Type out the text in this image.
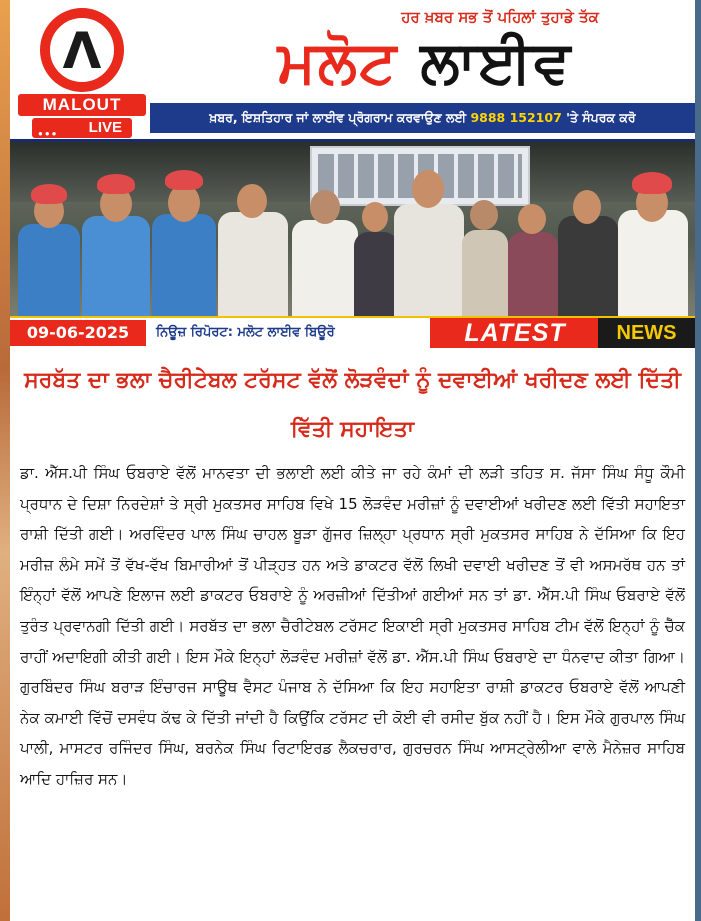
Λ
MALOUT
●●● LIVE
ਹਰ ਖ਼ਬਰ ਸਭ ਤੋਂ ਪਹਿਲਾਂ ਤੁਹਾਡੇ ਤੱਕ
ਮਲੋਟ ਲਾਈਵ
ਖ਼ਬਰ, ਇਸ਼ਤਿਹਾਰ ਜਾਂ ਲਾਈਵ ਪ੍ਰੋਗਰਾਮ ਕਰਵਾਉਣ ਲਈ 9888 152107 'ਤੇ ਸੰਪਰਕ ਕਰੋ
09-06-2025	ਨਿਊਜ਼ ਰਿਪੋਰਟ: ਮਲੋਟ ਲਾਈਵ ਬਿਊਰੋ	LATEST	NEWS
ਸਰਬੱਤ ਦਾ ਭਲਾ ਚੈਰੀਟੇਬਲ ਟਰੱਸਟ ਵੱਲੋਂ ਲੋੜਵੰਦਾਂ ਨੂੰ ਦਵਾਈਆਂ ਖਰੀਦਣ ਲਈ ਦਿੱਤੀ ਵਿੱਤੀ ਸਹਾਇਤਾ

ਡਾ. ਐੱਸ.ਪੀ ਸਿੰਘ ਓਬਰਾਏ ਵੱਲੋਂ ਮਾਨਵਤਾ ਦੀ ਭਲਾਈ ਲਈ ਕੀਤੇ ਜਾ ਰਹੇ ਕੰਮਾਂ ਦੀ ਲੜੀ ਤਹਿਤ ਸ. ਜੱਸਾ ਸਿੰਘ ਸੰਧੂ ਕੌਮੀ ਪ੍ਰਧਾਨ ਦੇ ਦਿਸ਼ਾ ਨਿਰਦੇਸ਼ਾਂ ਤੇ ਸ੍ਰੀ ਮੁਕਤਸਰ ਸਾਹਿਬ ਵਿਖੇ 15 ਲੋੜਵੰਦ ਮਰੀਜ਼ਾਂ ਨੂੰ ਦਵਾਈਆਂ ਖਰੀਦਣ ਲਈ ਵਿੱਤੀ ਸਹਾਇਤਾ ਰਾਸ਼ੀ ਦਿੱਤੀ ਗਈ। ਅਰਵਿੰਦਰ ਪਾਲ ਸਿੰਘ ਚਾਹਲ ਬੂੜਾ ਗੁੱਜਰ ਜ਼ਿਲ੍ਹਾ ਪ੍ਰਧਾਨ ਸ੍ਰੀ ਮੁਕਤਸਰ ਸਾਹਿਬ ਨੇ ਦੱਸਿਆ ਕਿ ਇਹ ਮਰੀਜ਼ ਲੰਮੇ ਸਮੇਂ ਤੋਂ ਵੱਖ-ਵੱਖ ਬਿਮਾਰੀਆਂ ਤੋਂ ਪੀੜ੍ਹਤ ਹਨ ਅਤੇ ਡਾਕਟਰ ਵੱਲੋਂ ਲਿਖੀ ਦਵਾਈ ਖਰੀਦਣ ਤੋਂ ਵੀ ਅਸਮਰੱਥ ਹਨ ਤਾਂ ਇੰਨ੍ਹਾਂ ਵੱਲੋਂ ਆਪਣੇ ਇਲਾਜ ਲਈ ਡਾਕਟਰ ਓਬਰਾਏ ਨੂੰ ਅਰਜ਼ੀਆਂ ਦਿੱਤੀਆਂ ਗਈਆਂ ਸਨ ਤਾਂ ਡਾ. ਐੱਸ.ਪੀ ਸਿੰਘ ਓਬਰਾਏ ਵੱਲੋਂ ਤੁਰੰਤ ਪ੍ਰਵਾਨਗੀ ਦਿੱਤੀ ਗਈ। ਸਰਬੱਤ ਦਾ ਭਲਾ ਚੈਰੀਟੇਬਲ ਟਰੱਸਟ ਇਕਾਈ ਸ੍ਰੀ ਮੁਕਤਸਰ ਸਾਹਿਬ ਟੀਮ ਵੱਲੋਂ ਇਨ੍ਹਾਂ ਨੂੰ ਚੈੱਕ ਰਾਹੀਂ ਅਦਾਇਗੀ ਕੀਤੀ ਗਈ। ਇਸ ਮੌਕੇ ਇਨ੍ਹਾਂ ਲੋੜਵੰਦ ਮਰੀਜ਼ਾਂ ਵੱਲੋਂ ਡਾ. ਐੱਸ.ਪੀ ਸਿੰਘ ਓਬਰਾਏ ਦਾ ਧੰਨਵਾਦ ਕੀਤਾ ਗਿਆ। ਗੁਰਬਿੰਦਰ ਸਿੰਘ ਬਰਾੜ ਇੰਚਾਰਜ ਸਾਊਥ ਵੈਸਟ ਪੰਜਾਬ ਨੇ ਦੱਸਿਆ ਕਿ ਇਹ ਸਹਾਇਤਾ ਰਾਸ਼ੀ ਡਾਕਟਰ ਓਬਰਾਏ ਵੱਲੋਂ ਆਪਣੀ ਨੇਕ ਕਮਾਈ ਵਿੱਚੋਂ ਦਸਵੰਧ ਕੱਢ ਕੇ ਦਿੱਤੀ ਜਾਂਦੀ ਹੈ ਕਿਉਂਕਿ ਟਰੱਸਟ ਦੀ ਕੋਈ ਵੀ ਰਸੀਦ ਬੁੱਕ ਨਹੀਂ ਹੈ। ਇਸ ਮੌਕੇ ਗੁਰਪਾਲ ਸਿੰਘ ਪਾਲੀ, ਮਾਸਟਰ ਰਜਿੰਦਰ ਸਿੰਘ, ਬਰਨੇਕ ਸਿੰਘ ਰਿਟਾਇਰਡ ਲੈਕਚਰਾਰ, ਗੁਰਚਰਨ ਸਿੰਘ ਆਸਟ੍ਰੇਲੀਆ ਵਾਲੇ ਮੈਨੇਜ਼ਰ ਸਾਹਿਬ ਆਦਿ ਹਾਜ਼ਿਰ ਸਨ।
